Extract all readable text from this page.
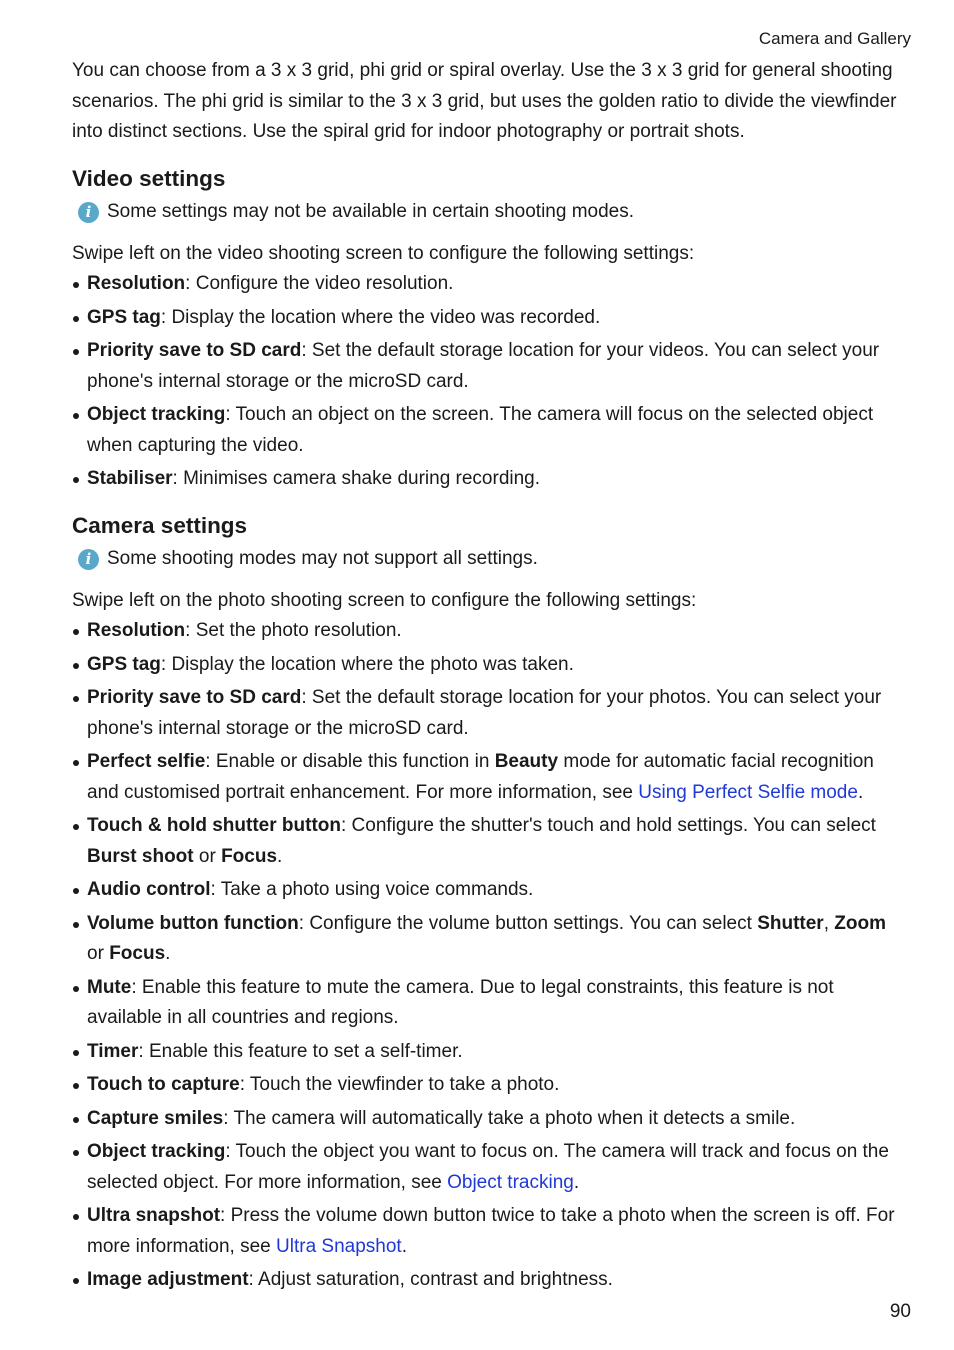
Camera and Gallery

You can choose from a 3 x 3 grid, phi grid or spiral overlay. Use the 3 x 3 grid for general shooting scenarios. The phi grid is similar to the 3 x 3 grid, but uses the golden ratio to divide the viewfinder into distinct sections. Use the spiral grid for indoor photography or portrait shots.

Video settings
i Some settings may not be available in certain shooting modes.

Swipe left on the video shooting screen to configure the following settings:

Resolution: Configure the video resolution.
GPS tag: Display the location where the video was recorded.
Priority save to SD card: Set the default storage location for your videos. You can select your phone's internal storage or the microSD card.
Object tracking: Touch an object on the screen. The camera will focus on the selected object when capturing the video.
Stabiliser: Minimises camera shake during recording.
Camera settings
i Some shooting modes may not support all settings.

Swipe left on the photo shooting screen to configure the following settings:

Resolution: Set the photo resolution.
GPS tag: Display the location where the photo was taken.
Priority save to SD card: Set the default storage location for your photos. You can select your phone's internal storage or the microSD card.
Perfect selfie: Enable or disable this function in Beauty mode for automatic facial recognition and customised portrait enhancement. For more information, see Using Perfect Selfie mode.
Touch & hold shutter button: Configure the shutter's touch and hold settings. You can select Burst shoot or Focus.
Audio control: Take a photo using voice commands.
Volume button function: Configure the volume button settings. You can select Shutter, Zoom or Focus.
Mute: Enable this feature to mute the camera. Due to legal constraints, this feature is not available in all countries and regions.
Timer: Enable this feature to set a self-timer.
Touch to capture: Touch the viewfinder to take a photo.
Capture smiles: The camera will automatically take a photo when it detects a smile.
Object tracking: Touch the object you want to focus on. The camera will track and focus on the selected object. For more information, see Object tracking.
Ultra snapshot: Press the volume down button twice to take a photo when the screen is off. For more information, see Ultra Snapshot.
Image adjustment: Adjust saturation, contrast and brightness.
90
